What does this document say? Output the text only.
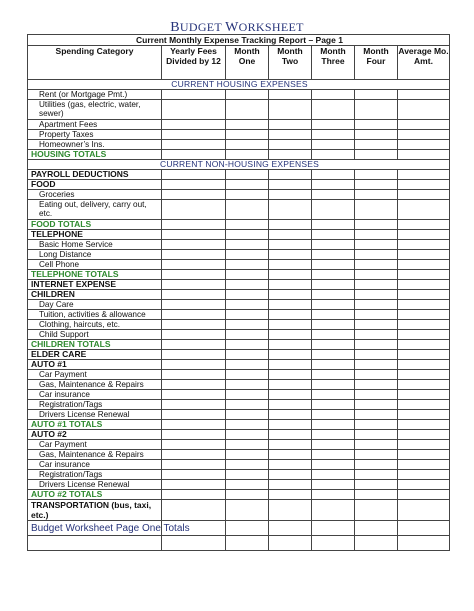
BUDGET WORKSHEET
Current Monthly Expense Tracking Report – Page 1						
Spending Category	Yearly Fees Divided by 12	Month One	Month Two	Month Three	Month Four	Average Mo. Amt.
CURRENT HOUSING EXPENSES						
Rent (or Mortgage Pmt.)						
Utilities (gas, electric, water, sewer)						
Apartment Fees						
Property Taxes						
Homeowner’s Ins.						
HOUSING TOTALS						
CURRENT NON-HOUSING EXPENSES						
PAYROLL DEDUCTIONS						
FOOD						
Groceries						
Eating out, delivery, carry out, etc.						
FOOD TOTALS						
TELEPHONE						
Basic Home Service						
Long Distance						
Cell Phone						
TELEPHONE TOTALS						
INTERNET EXPENSE						
CHILDREN						
Day Care						
Tuition, activities & allowance						
Clothing, haircuts, etc.						
Child Support						
CHILDREN TOTALS						
ELDER CARE						
AUTO #1						
Car Payment						
Gas, Maintenance & Repairs						
Car insurance						
Registration/Tags						
Drivers License Renewal						
AUTO #1 TOTALS						
AUTO #2						
Car Payment						
Gas, Maintenance & Repairs						
Car insurance						
Registration/Tags						
Drivers License Renewal						
AUTO #2 TOTALS						
TRANSPORTATION (bus, taxi, etc.)						
Budget Worksheet Page One Totals						
